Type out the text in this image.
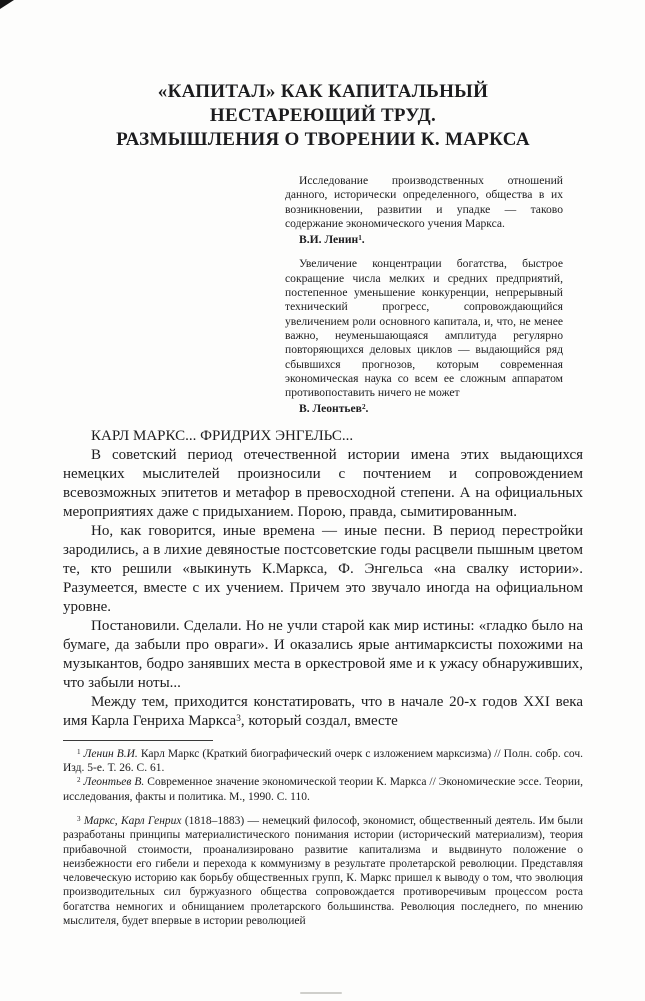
«КАПИТАЛ» КАК КАПИТАЛЬНЫЙ
НЕСТАРЕЮЩИЙ ТРУД.
РАЗМЫШЛЕНИЯ О ТВОРЕНИИ К. МАРКСА
Исследование производственных отношений данного, исторически определенного, общества в их возникновении, развитии и упадке — таково содержание экономического учения Маркса.
В.И. Ленин$^1$.
Увеличение концентрации богатства, быстрое сокращение числа мелких и средних предприятий, постепенное уменьшение конкуренции, непрерывный технический прогресс, сопровождающийся увеличением роли основного капитала, и, что, не менее важно, неуменьшающаяся амплитуда регулярно повторяющихся деловых циклов — выдающийся ряд сбывшихся прогнозов, которым современная экономическая наука со всем ее сложным аппаратом противопоставить ничего не может
В. Леонтьев$^2$.

КАРЛ МАРКС... ФРИДРИХ ЭНГЕЛЬС...

В советский период отечественной истории имена этих выдающихся немецких мыслителей произносили с почтением и сопровождением всевозможных эпитетов и метафор в превосходной степени. А на официальных мероприятиях даже с придыханием. Порою, правда, сымитированным.

Но, как говорится, иные времена — иные песни. В период перестройки зародились, а в лихие девяностые постсоветские годы расцвели пышным цветом те, кто решили «выкинуть К.Маркса, Ф. Энгельса «на свалку истории». Разумеется, вместе с их учением. Причем это звучало иногда на официальном уровне.

Постановили. Сделали. Но не учли старой как мир истины: «гладко было на бумаге, да забыли про овраги». И оказались ярые антимарксисты похожими на музыкантов, бодро занявших места в оркестровой яме и к ужасу обнаруживших, что забыли ноты...

Между тем, приходится констатировать, что в начале 20-х годов XXI века имя Карла Генриха Маркса$^3$, который создал, вместе

$^1$ Ленин В.И. Карл Маркс (Краткий биографический очерк с изложением марксизма) // Полн. собр. соч. Изд. 5-е. Т. 26. С. 61.

$^2$ Леонтьев В. Современное значение экономической теории К. Маркса // Экономические эссе. Теории, исследования, факты и политика. М., 1990. С. 110.

$^3$ Маркс, Карл Генрих (1818–1883) — немецкий философ, экономист, общественный деятель. Им были разработаны принципы материалистического понимания истории (исторический материализм), теория прибавочной стоимости, проанализировано развитие капитализма и выдвинуто положение о неизбежности его гибели и перехода к коммунизму в результате пролетарской революции. Представляя человеческую историю как борьбу общественных групп, К. Маркс пришел к выводу о том, что эволюция производительных сил буржуазного общества сопровождается противоречивым процессом роста богатства немногих и обнищанием пролетарского большинства. Революция последнего, по мнению мыслителя, будет впервые в истории революцией
